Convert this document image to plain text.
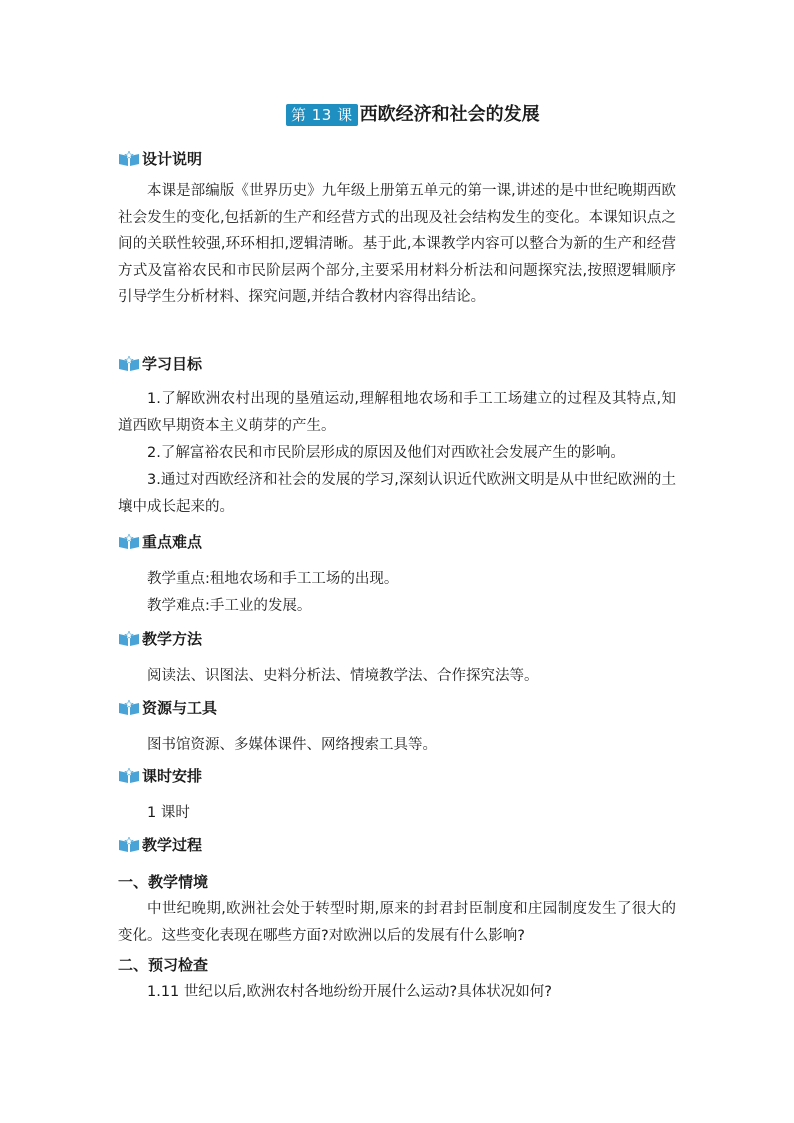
第 13 课 西欧经济和社会的发展
设计说明

本课是部编版《世界历史》九年级上册第五单元的第一课,讲述的是中世纪晚期西欧社会发生的变化,包括新的生产和经营方式的出现及社会结构发生的变化。本课知识点之间的关联性较强,环环相扣,逻辑清晰。基于此,本课教学内容可以整合为新的生产和经营方式及富裕农民和市民阶层两个部分,主要采用材料分析法和问题探究法,按照逻辑顺序引导学生分析材料、探究问题,并结合教材内容得出结论。

学习目标

1.了解欧洲农村出现的垦殖运动,理解租地农场和手工工场建立的过程及其特点,知道西欧早期资本主义萌芽的产生。

2.了解富裕农民和市民阶层形成的原因及他们对西欧社会发展产生的影响。

3.通过对西欧经济和社会的发展的学习,深刻认识近代欧洲文明是从中世纪欧洲的土壤中成长起来的。

重点难点

教学重点:租地农场和手工工场的出现。

教学难点:手工业的发展。

教学方法

阅读法、识图法、史料分析法、情境教学法、合作探究法等。

资源与工具

图书馆资源、多媒体课件、网络搜索工具等。

课时安排

1 课时

教学过程

一、教学情境

中世纪晚期,欧洲社会处于转型时期,原来的封君封臣制度和庄园制度发生了很大的变化。这些变化表现在哪些方面?对欧洲以后的发展有什么影响?

二、预习检查

1.11 世纪以后,欧洲农村各地纷纷开展什么运动?具体状况如何?
